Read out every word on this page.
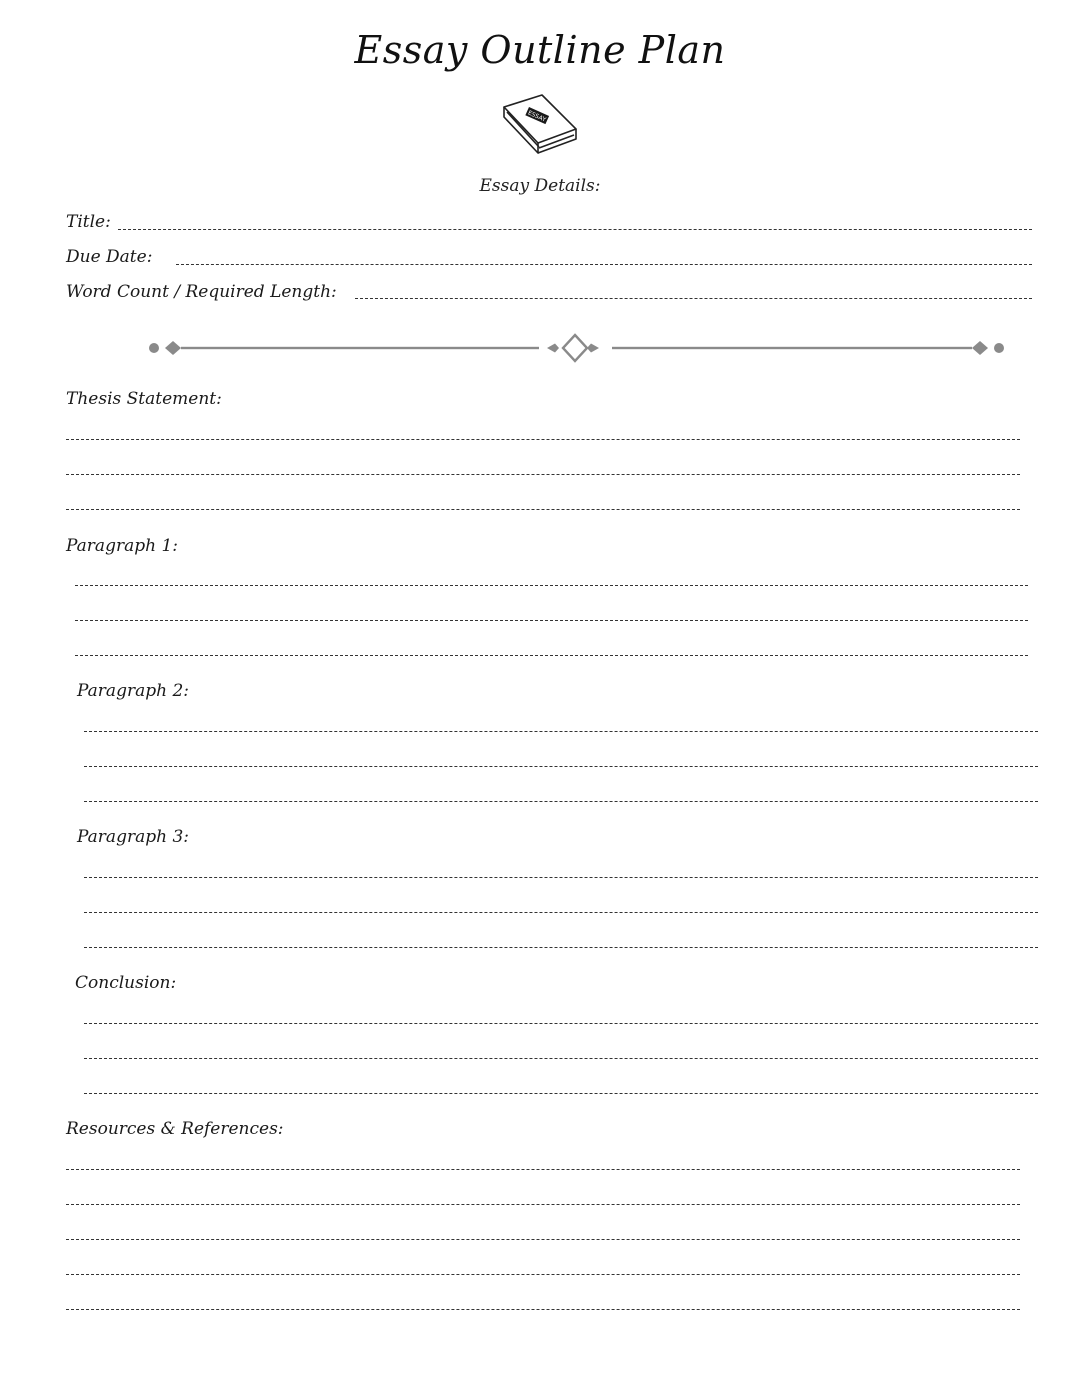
Essay Outline Plan
ESSAY
Essay Details:
Title:
Due Date:
Word Count / Required Length:
Thesis Statement:
Paragraph 1:
Paragraph 2:
Paragraph 3:
Conclusion:
Resources & References:
